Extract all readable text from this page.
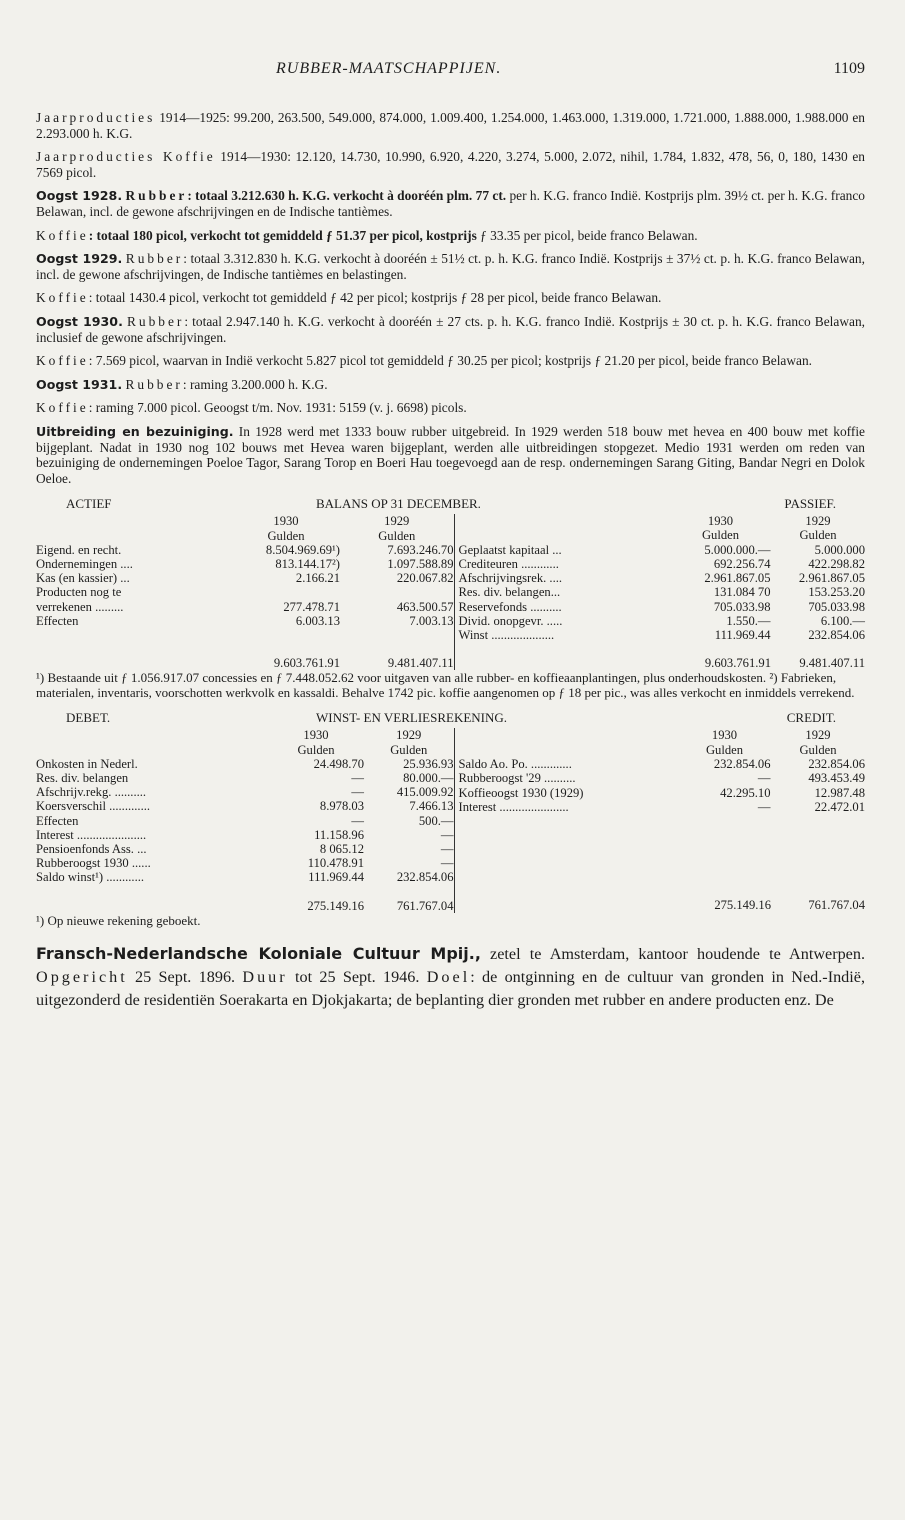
RUBBER-MAATSCHAPPIJEN.	1109

Jaarproducties 1914—1925: 99.200, 263.500, 549.000, 874.000, 1.009.400, 1.254.000, 1.463.000, 1.319.000, 1.721.000, 1.888.000, 1.988.000 en 2.293.000 h. K.G.

Jaarproducties Koffie 1914—1930: 12.120, 14.730, 10.990, 6.920, 4.220, 3.274, 5.000, 2.072, nihil, 1.784, 1.832, 478, 56, 0, 180, 1430 en 7569 picol.

Oogst 1928. Rubber: totaal 3.212.630 h. K.G. verkocht à dooréén plm. 77 ct. per h. K.G. franco Indië. Kostprijs plm. 39½ ct. per h. K.G. franco Belawan, incl. de gewone afschrijvingen en de Indische tantièmes.

Koffie: totaal 180 picol, verkocht tot gemiddeld ƒ 51.37 per picol, kostprijs ƒ 33.35 per picol, beide franco Belawan.

Oogst 1929. Rubber: totaal 3.312.830 h. K.G. verkocht à dooréén ± 51½ ct. p. h. K.G. franco Indië. Kostprijs ± 37½ ct. p. h. K.G. franco Belawan, incl. de gewone afschrijvingen, de Indische tantièmes en belastingen.

Koffie: totaal 1430.4 picol, verkocht tot gemiddeld ƒ 42 per picol; kostprijs ƒ 28 per picol, beide franco Belawan.

Oogst 1930. Rubber: totaal 2.947.140 h. K.G. verkocht à dooréén ± 27 cts. p. h. K.G. franco Indië. Kostprijs ± 30 ct. p. h. K.G. franco Belawan, inclusief de gewone afschrijvingen.

Koffie: 7.569 picol, waarvan in Indië verkocht 5.827 picol tot gemiddeld ƒ 30.25 per picol; kostprijs ƒ 21.20 per picol, beide franco Belawan.

Oogst 1931. Rubber: raming 3.200.000 h. K.G.

Koffie: raming 7.000 picol. Geoogst t/m. Nov. 1931: 5159 (v. j. 6698) picols.

Uitbreiding en bezuiniging. In 1928 werd met 1333 bouw rubber uitgebreid. In 1929 werden 518 bouw met hevea en 400 bouw met koffie bijgeplant. Nadat in 1930 nog 102 bouws met Hevea waren bijgeplant, werden alle uitbreidingen stopgezet. Medio 1931 werden om reden van bezuiniging de ondernemingen Poeloe Tagor, Sarang Torop en Boeri Hau toegevoegd aan de resp. ondernemingen Sarang Giting, Bandar Negri en Dolok Oeloe.

ACTIEF	BALANS OP 31 DECEMBER.	PASSIEF.
	1930	1929
	Gulden	Gulden
Eigend. en recht.	8.504.969.69¹)	7.693.246.70
Ondernemingen ....	813.144.17²)	1.097.588.89
Kas (en kassier) ...	2.166.21	220.067.82
Producten nog te		
verrekenen .........	277.478.71	463.500.57
Effecten	6.003.13	7.003.13

	9.603.761.91	9.481.407.11
	1930	1929
	Gulden	Gulden
Geplaatst kapitaal ...	5.000.000.—	5.000.000
Crediteuren ............	692.256.74	422.298.82
Afschrijvingsrek. ....	2.961.867.05	2.961.867.05
Res. div. belangen...	131.084 70	153.253.20
Reservefonds ..........	705.033.98	705.033.98
Divid. onopgevr. .....	1.550.—	6.100.—
Winst ....................	111.969.44	232.854.06
	9.603.761.91	9.481.407.11

¹) Bestaande uit ƒ 1.056.917.07 concessies en ƒ 7.448.052.62 voor uitgaven van alle rubber- en koffieaanplantingen, plus onderhoudskosten. ²) Fabrieken, materialen, inventaris, voorschotten werkvolk en kassaldi. Behalve 1742 pic. koffie aangenomen op ƒ 18 per pic., was alles verkocht en inmiddels verrekend.

DEBET.	WINST- EN VERLIESREKENING.	CREDIT.
	1930	1929
	Gulden	Gulden
Onkosten in Nederl.	24.498.70	25.936.93
Res. div. belangen	—	80.000.—
Afschrijv.rekg. ..........	—	415.009.92
Koersverschil .............	8.978.03	7.466.13
Effecten	—	500.—
Interest ......................	11.158.96	—
Pensioenfonds Ass. ...	8 065.12	—
Rubberoogst 1930 ......	110.478.91	—
Saldo winst¹) ............	111.969.44	232.854.06
	275.149.16	761.767.04
	1930	1929
	Gulden	Gulden
Saldo Ao. Po. .............	232.854.06	232.854.06
Rubberoogst '29 ..........	—	493.453.49
Koffieoogst 1930 (1929)	42.295.10	12.987.48
Interest ......................	—	22.472.01

	275.149.16	761.767.04

¹) Op nieuwe rekening geboekt.

Fransch-Nederlandsche Koloniale Cultuur Mpij., zetel te Amsterdam, kantoor houdende te Antwerpen. Opgericht 25 Sept. 1896. Duur tot 25 Sept. 1946. Doel: de ontginning en de cultuur van gronden in Ned.-Indië, uitgezonderd de residentiën Soerakarta en Djokjakarta; de beplanting dier gronden met rubber en andere producten enz. De
